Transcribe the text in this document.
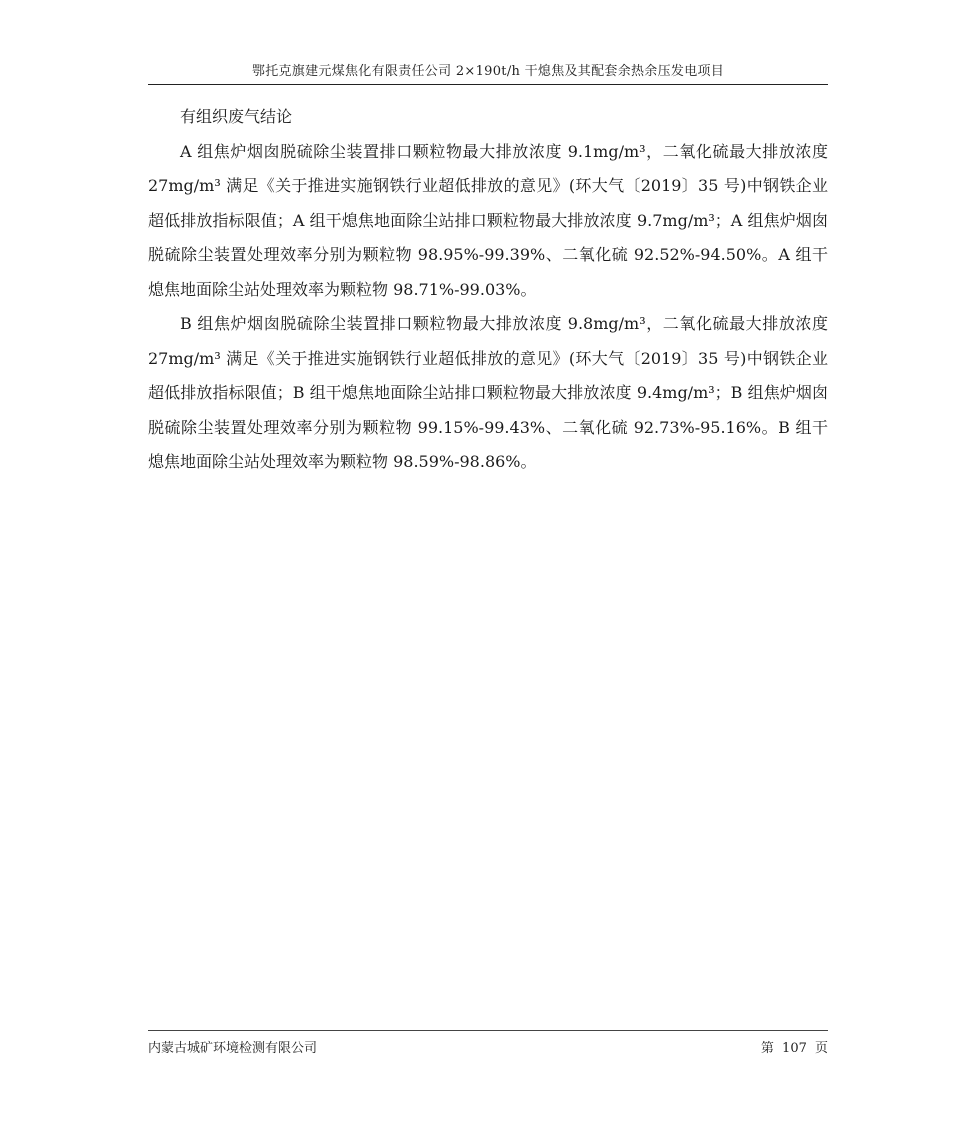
鄂托克旗建元煤焦化有限责任公司 2×190t/h 干熄焦及其配套余热余压发电项目
有组织废气结论

A 组焦炉烟囱脱硫除尘装置排口颗粒物最大排放浓度 9.1mg/m³，二氧化硫最大排放浓度 27mg/m³ 满足《关于推进实施钢铁行业超低排放的意见》(环大气〔2019〕35 号)中钢铁企业超低排放指标限值；A 组干熄焦地面除尘站排口颗粒物最大排放浓度 9.7mg/m³；A 组焦炉烟囱脱硫除尘装置处理效率分别为颗粒物 98.95%-99.39%、二氧化硫 92.52%-94.50%。A 组干熄焦地面除尘站处理效率为颗粒物 98.71%-99.03%。

B 组焦炉烟囱脱硫除尘装置排口颗粒物最大排放浓度 9.8mg/m³，二氧化硫最大排放浓度 27mg/m³ 满足《关于推进实施钢铁行业超低排放的意见》(环大气〔2019〕35 号)中钢铁企业超低排放指标限值；B 组干熄焦地面除尘站排口颗粒物最大排放浓度 9.4mg/m³；B 组焦炉烟囱脱硫除尘装置处理效率分别为颗粒物 99.15%-99.43%、二氧化硫 92.73%-95.16%。B 组干熄焦地面除尘站处理效率为颗粒物 98.59%-98.86%。

内蒙古城矿环境检测有限公司	第 107 页
